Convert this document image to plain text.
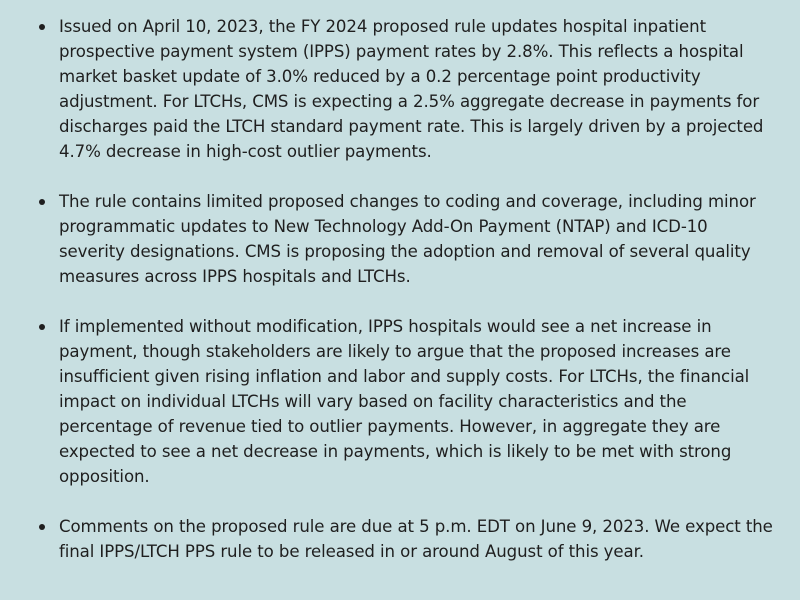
Issued on April 10, 2023, the FY 2024 proposed rule updates hospital inpatient prospective payment system (IPPS) payment rates by 2.8%. This reflects a hospital market basket update of 3.0% reduced by a 0.2 percentage point productivity adjustment. For LTCHs, CMS is expecting a 2.5% aggregate decrease in payments for discharges paid the LTCH standard payment rate. This is largely driven by a projected 4.7% decrease in high-cost outlier payments.
The rule contains limited proposed changes to coding and coverage, including minor programmatic updates to New Technology Add-On Payment (NTAP) and ICD-10 severity designations. CMS is proposing the adoption and removal of several quality measures across IPPS hospitals and LTCHs.
If implemented without modification, IPPS hospitals would see a net increase in payment, though stakeholders are likely to argue that the proposed increases are insufficient given rising inflation and labor and supply costs. For LTCHs, the financial impact on individual LTCHs will vary based on facility characteristics and the percentage of revenue tied to outlier payments. However, in aggregate they are expected to see a net decrease in payments, which is likely to be met with strong opposition.
Comments on the proposed rule are due at 5 p.m. EDT on June 9, 2023. We expect the final IPPS/LTCH PPS rule to be released in or around August of this year.
